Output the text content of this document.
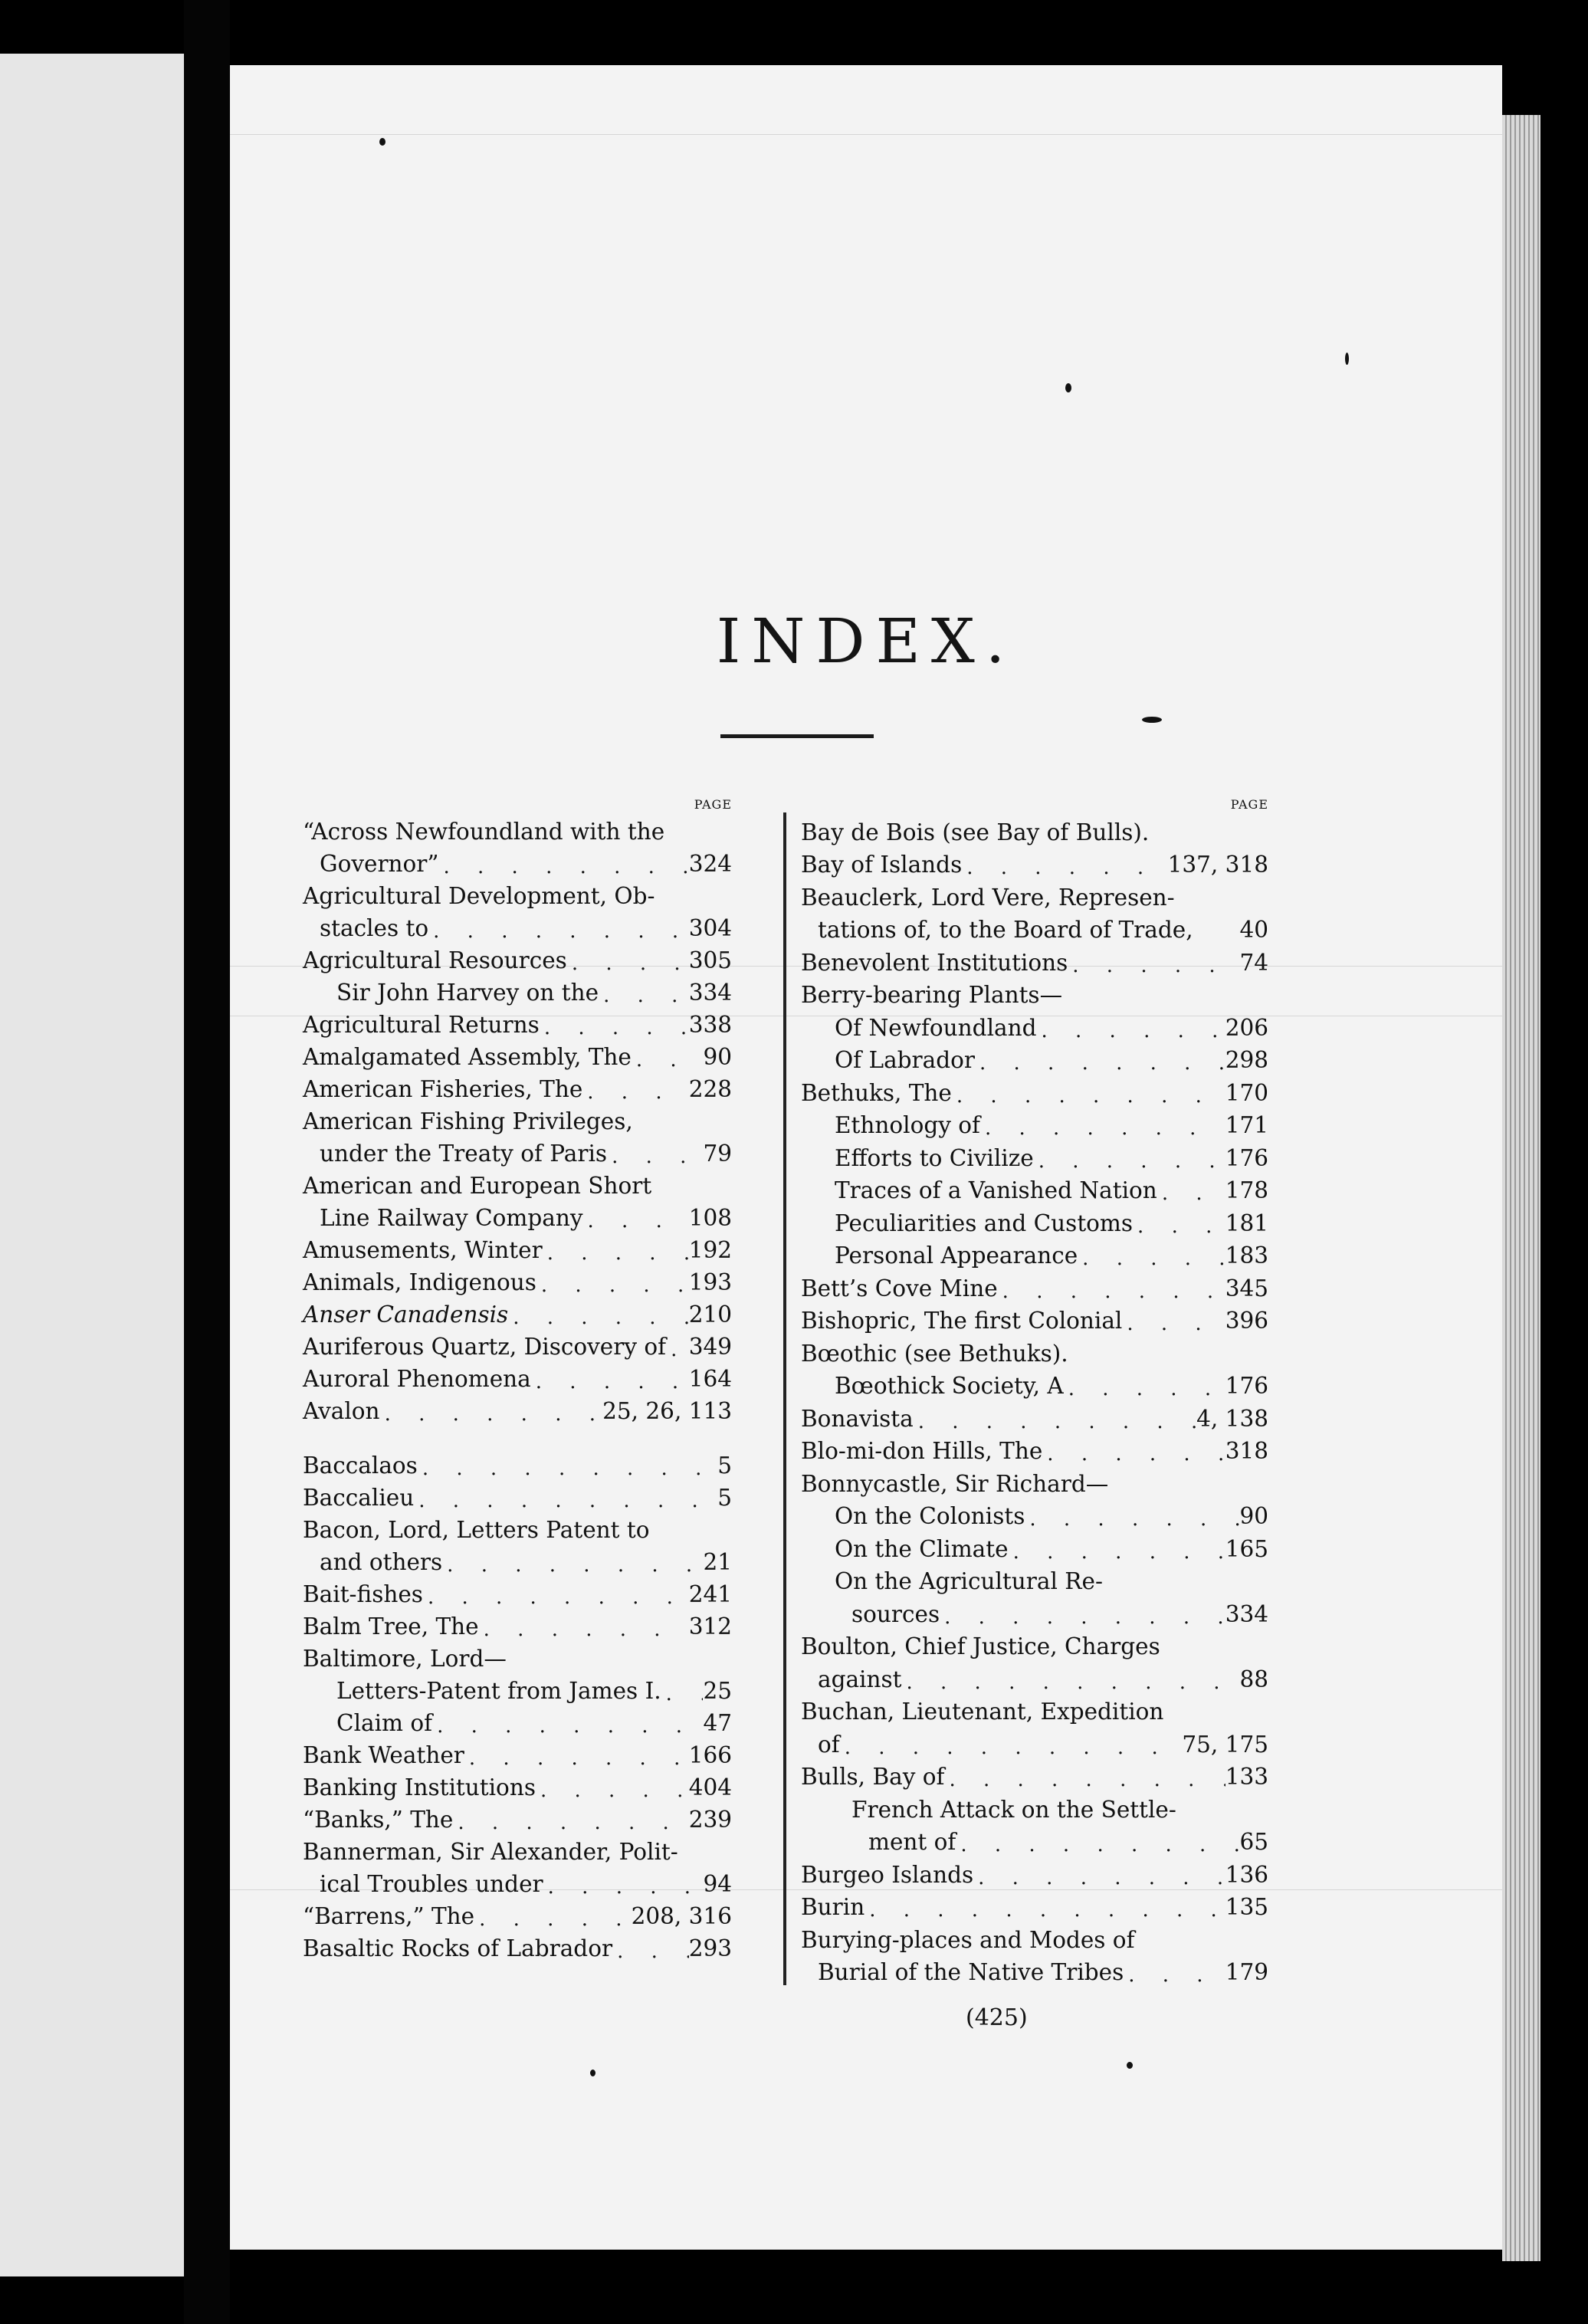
INDEX.
PAGE
“Across Newfoundland with the
Governor” . . .	324
Agricultural Development, Ob-
stacles to . . .	304
Agricultural Resources . . .	305
Sir John Harvey on the . . .	334
Agricultural Returns . . .	338
Amalgamated Assembly, The . . .	90
American Fisheries, The . . .	228
American Fishing Privileges,
under the Treaty of Paris . . .	79
American and European Short
Line Railway Company . . .	108
Amusements, Winter . . .	192
Animals, Indigenous . . .	193
Anser Canadensis . . .	210
Auriferous Quartz, Discovery of . . . 349
Auroral Phenomena . . .	164
Avalon . . .	25, 26, 113
Baccalaos . . .	5
Baccalieu . . .	5
Bacon, Lord, Letters Patent to
and others . . .	21
Bait-fishes . . .	241
Balm Tree, The . . .	312
Baltimore, Lord—
Letters-Patent from James I. . . . 25
Claim of . . .	47
Bank Weather . . .	166
Banking Institutions . . .	404
“Banks,” The . . .	239
Bannerman, Sir Alexander, Polit-
ical Troubles under . . .	94
“Barrens,” The . . .	208, 316
Basaltic Rocks of Labrador . . .	293
PAGE
Bay de Bois (see Bay of Bulls).
Bay of Islands . . .	137, 318
Beauclerk, Lord Vere, Represen-
tations of, to the Board of Trade, 40
Benevolent Institutions . . .	74
Berry-bearing Plants—
Of Newfoundland . . .	206
Of Labrador . . .	298
Bethuks, The . . .	170
Ethnology of . . .	171
Efforts to Civilize . . .	176
Traces of a Vanished Nation . . .	178
Peculiarities and Customs . . .	181
Personal Appearance . . .	183
Bett’s Cove Mine . . .	345
Bishopric, The first Colonial . . .	396
Bœothic (see Bethuks).
Bœothick Society, A . . .	176
Bonavista . . .	4, 138
Blo-mi-don Hills, The . . .	318
Bonnycastle, Sir Richard—
On the Colonists . . .	90
On the Climate . . .	165
On the Agricultural Re-
sources . . .	334
Boulton, Chief Justice, Charges
against . . .	88
Buchan, Lieutenant, Expedition
of . . .	75, 175
Bulls, Bay of . . .	133
French Attack on the Settle-
ment of . . .	65
Burgeo Islands . . .	136
Burin . . .	135
Burying-places and Modes of
Burial of the Native Tribes . . .	179
(425)
